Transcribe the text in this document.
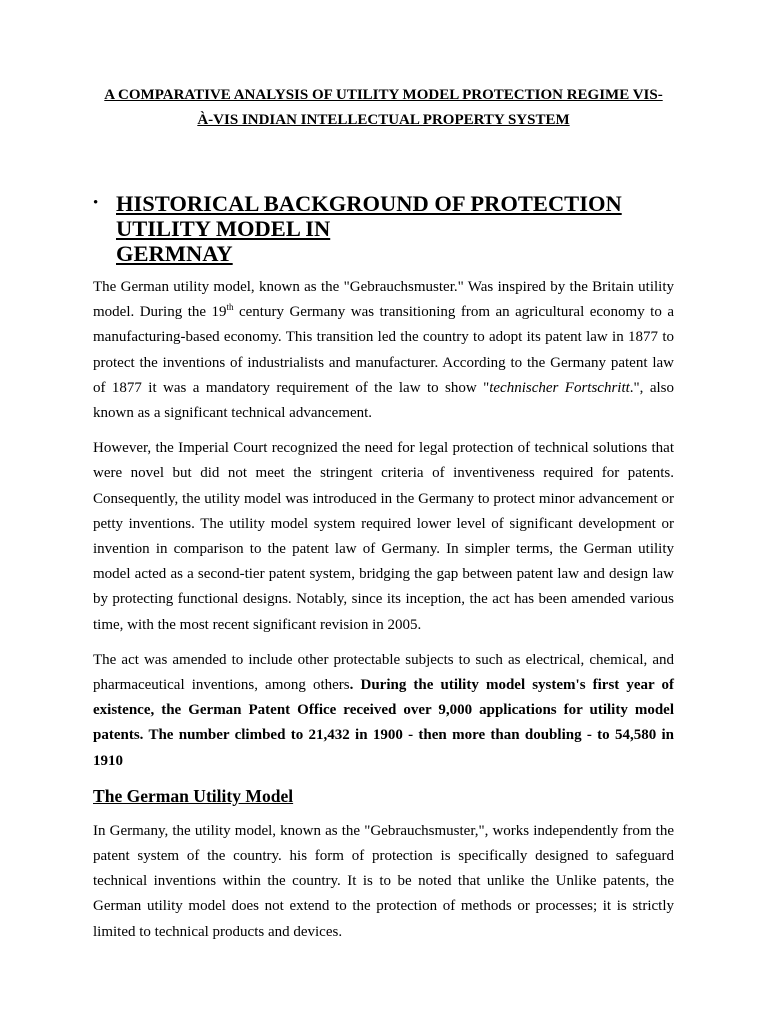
A COMPARATIVE ANALYSIS OF UTILITY MODEL PROTECTION REGIME VIS-
À-VIS INDIAN INTELLECTUAL PROPERTY SYSTEM
• HISTORICAL BACKGROUND OF PROTECTION UTILITY MODEL IN
GERMNAY

The German utility model, known as the "Gebrauchsmuster." Was inspired by the Britain utility model. During the 19th century Germany was transitioning from an agricultural economy to a manufacturing-based economy. This transition led the country to adopt its patent law in 1877 to protect the inventions of industrialists and manufacturer. According to the Germany patent law of 1877 it was a mandatory requirement of the law to show "technischer Fortschritt.", also known as a significant technical advancement.

However, the Imperial Court recognized the need for legal protection of technical solutions that were novel but did not meet the stringent criteria of inventiveness required for patents. Consequently, the utility model was introduced in the Germany to protect minor advancement or petty inventions. The utility model system required lower level of significant development or invention in comparison to the patent law of Germany. In simpler terms, the German utility model acted as a second-tier patent system, bridging the gap between patent law and design law by protecting functional designs. Notably, since its inception, the act has been amended various time, with the most recent significant revision in 2005.

The act was amended to include other protectable subjects to such as electrical, chemical, and pharmaceutical inventions, among others. During the utility model system's first year of existence, the German Patent Office received over 9,000 applications for utility model patents. The number climbed to 21,432 in 1900 - then more than doubling - to 54,580 in 1910

The German Utility Model

In Germany, the utility model, known as the "Gebrauchsmuster,", works independently from the patent system of the country. his form of protection is specifically designed to safeguard technical inventions within the country. It is to be noted that unlike the Unlike patents, the German utility model does not extend to the protection of methods or processes; it is strictly limited to technical products and devices.
